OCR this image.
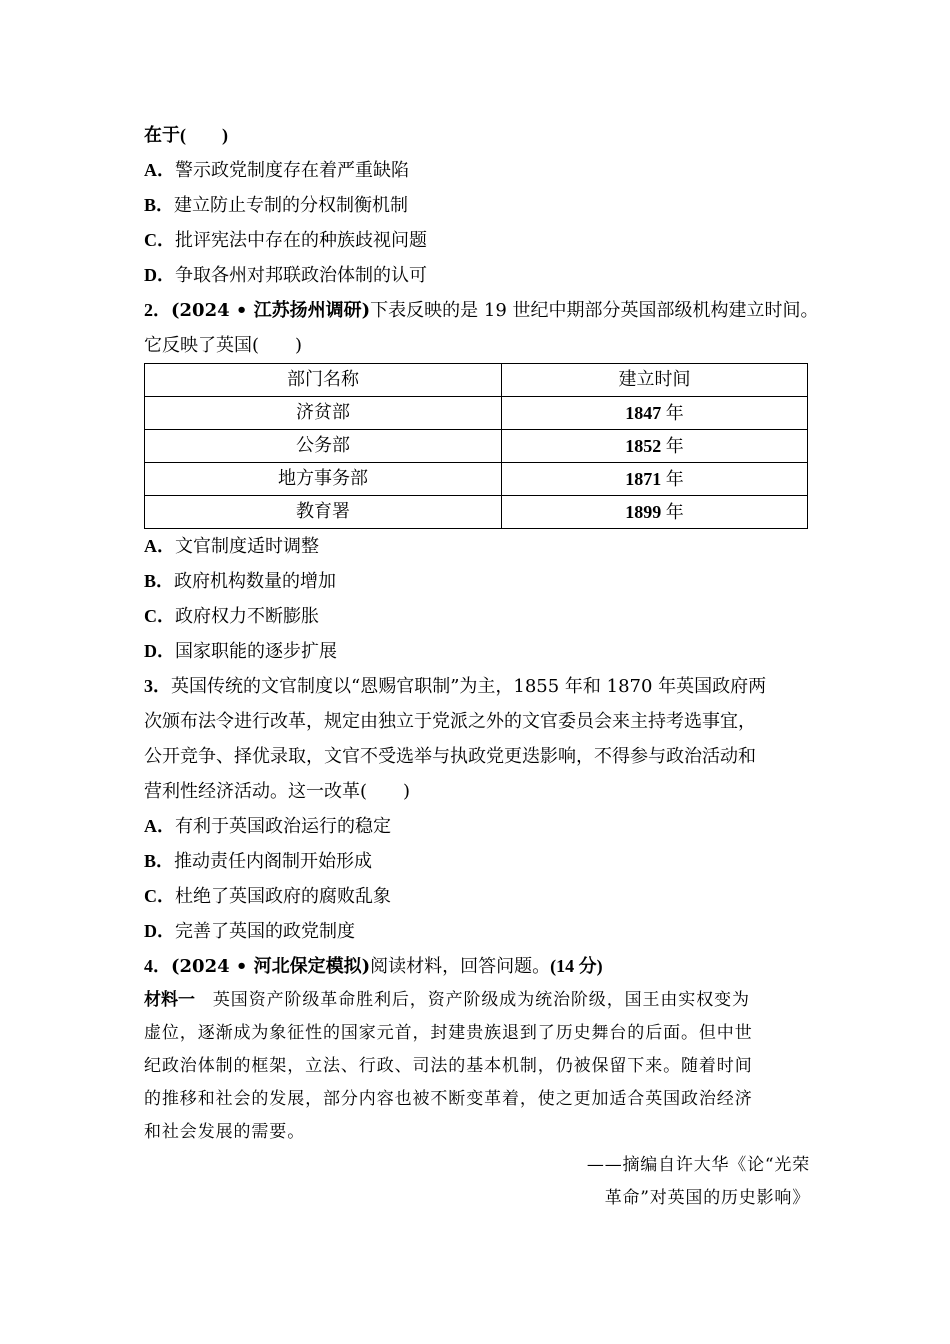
在于(　　)
A．警示政党制度存在着严重缺陷
B．建立防止专制的分权制衡机制
C．批评宪法中存在的种族歧视问题
D．争取各州对邦联政治体制的认可
2．(2024 • 江苏扬州调研)下表反映的是 19 世纪中期部分英国部级机构建立时间。
它反映了英国(　　)
部门名称	建立时间
济贫部	1847 年
公务部	1852 年
地方事务部	1871 年
教育署	1899 年
A．文官制度适时调整
B．政府机构数量的增加
C．政府权力不断膨胀
D．国家职能的逐步扩展
3．英国传统的文官制度以“恩赐官职制”为主，1855 年和 1870 年英国政府两
次颁布法令进行改革，规定由独立于党派之外的文官委员会来主持考选事宜，
公开竞争、择优录取，文官不受选举与执政党更迭影响，不得参与政治活动和
营利性经济活动。这一改革(　　)
A．有利于英国政治运行的稳定
B．推动责任内阁制开始形成
C．杜绝了英国政府的腐败乱象
D．完善了英国的政党制度
4．(2024 • 河北保定模拟)阅读材料，回答问题。(14 分)
材料一　 英国资产阶级革命胜利后，资产阶级成为统治阶级，国王由实权变为
虚位，逐渐成为象征性的国家元首，封建贵族退到了历史舞台的后面。但中世
纪政治体制的框架，立法、行政、司法的基本机制，仍被保留下来。随着时间
的推移和社会的发展，部分内容也被不断变革着，使之更加适合英国政治经济
和社会发展的需要。
——摘编自许大华《论“光荣
革命”对英国的历史影响》
